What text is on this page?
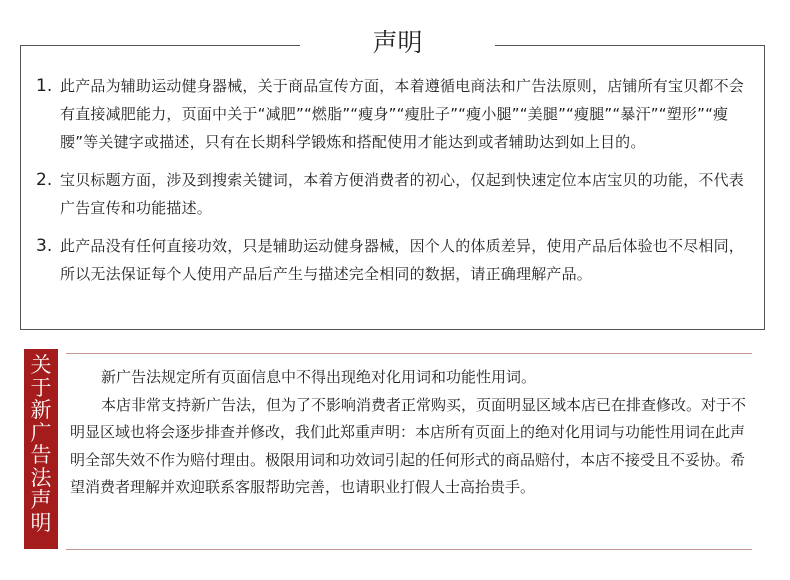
声明
1. 此产品为辅助运动健身器械，关于商品宣传方面，本着遵循电商法和广告法原则，店铺所有宝贝都不会有直接减肥能力，页面中关于“减肥”“燃脂”“瘦身”“瘦肚子”“瘦小腿”“美腿”“瘦腿”“暴汗”“塑形”“瘦腰”等关键字或描述，只有在长期科学锻炼和搭配使用才能达到或者辅助达到如上目的。
2. 宝贝标题方面，涉及到搜索关键词，本着方便消费者的初心，仅起到快速定位本店宝贝的功能，不代表广告宣传和功能描述。
3. 此产品没有任何直接功效，只是辅助运动健身器械，因个人的体质差异，使用产品后体验也不尽相同，所以无法保证每个人使用产品后产生与描述完全相同的数据，请正确理解产品。
关
于
新
广
告
法
声
明

新广告法规定所有页面信息中不得出现绝对化用词和功能性用词。

本店非常支持新广告法，但为了不影响消费者正常购买，页面明显区域本店已在排查修改。对于不明显区域也将会逐步排查并修改，我们此郑重声明：本店所有页面上的绝对化用词与功能性用词在此声明全部失效不作为赔付理由。极限用词和功效词引起的任何形式的商品赔付，本店不接受且不妥协。希望消费者理解并欢迎联系客服帮助完善，也请职业打假人士高抬贵手。
